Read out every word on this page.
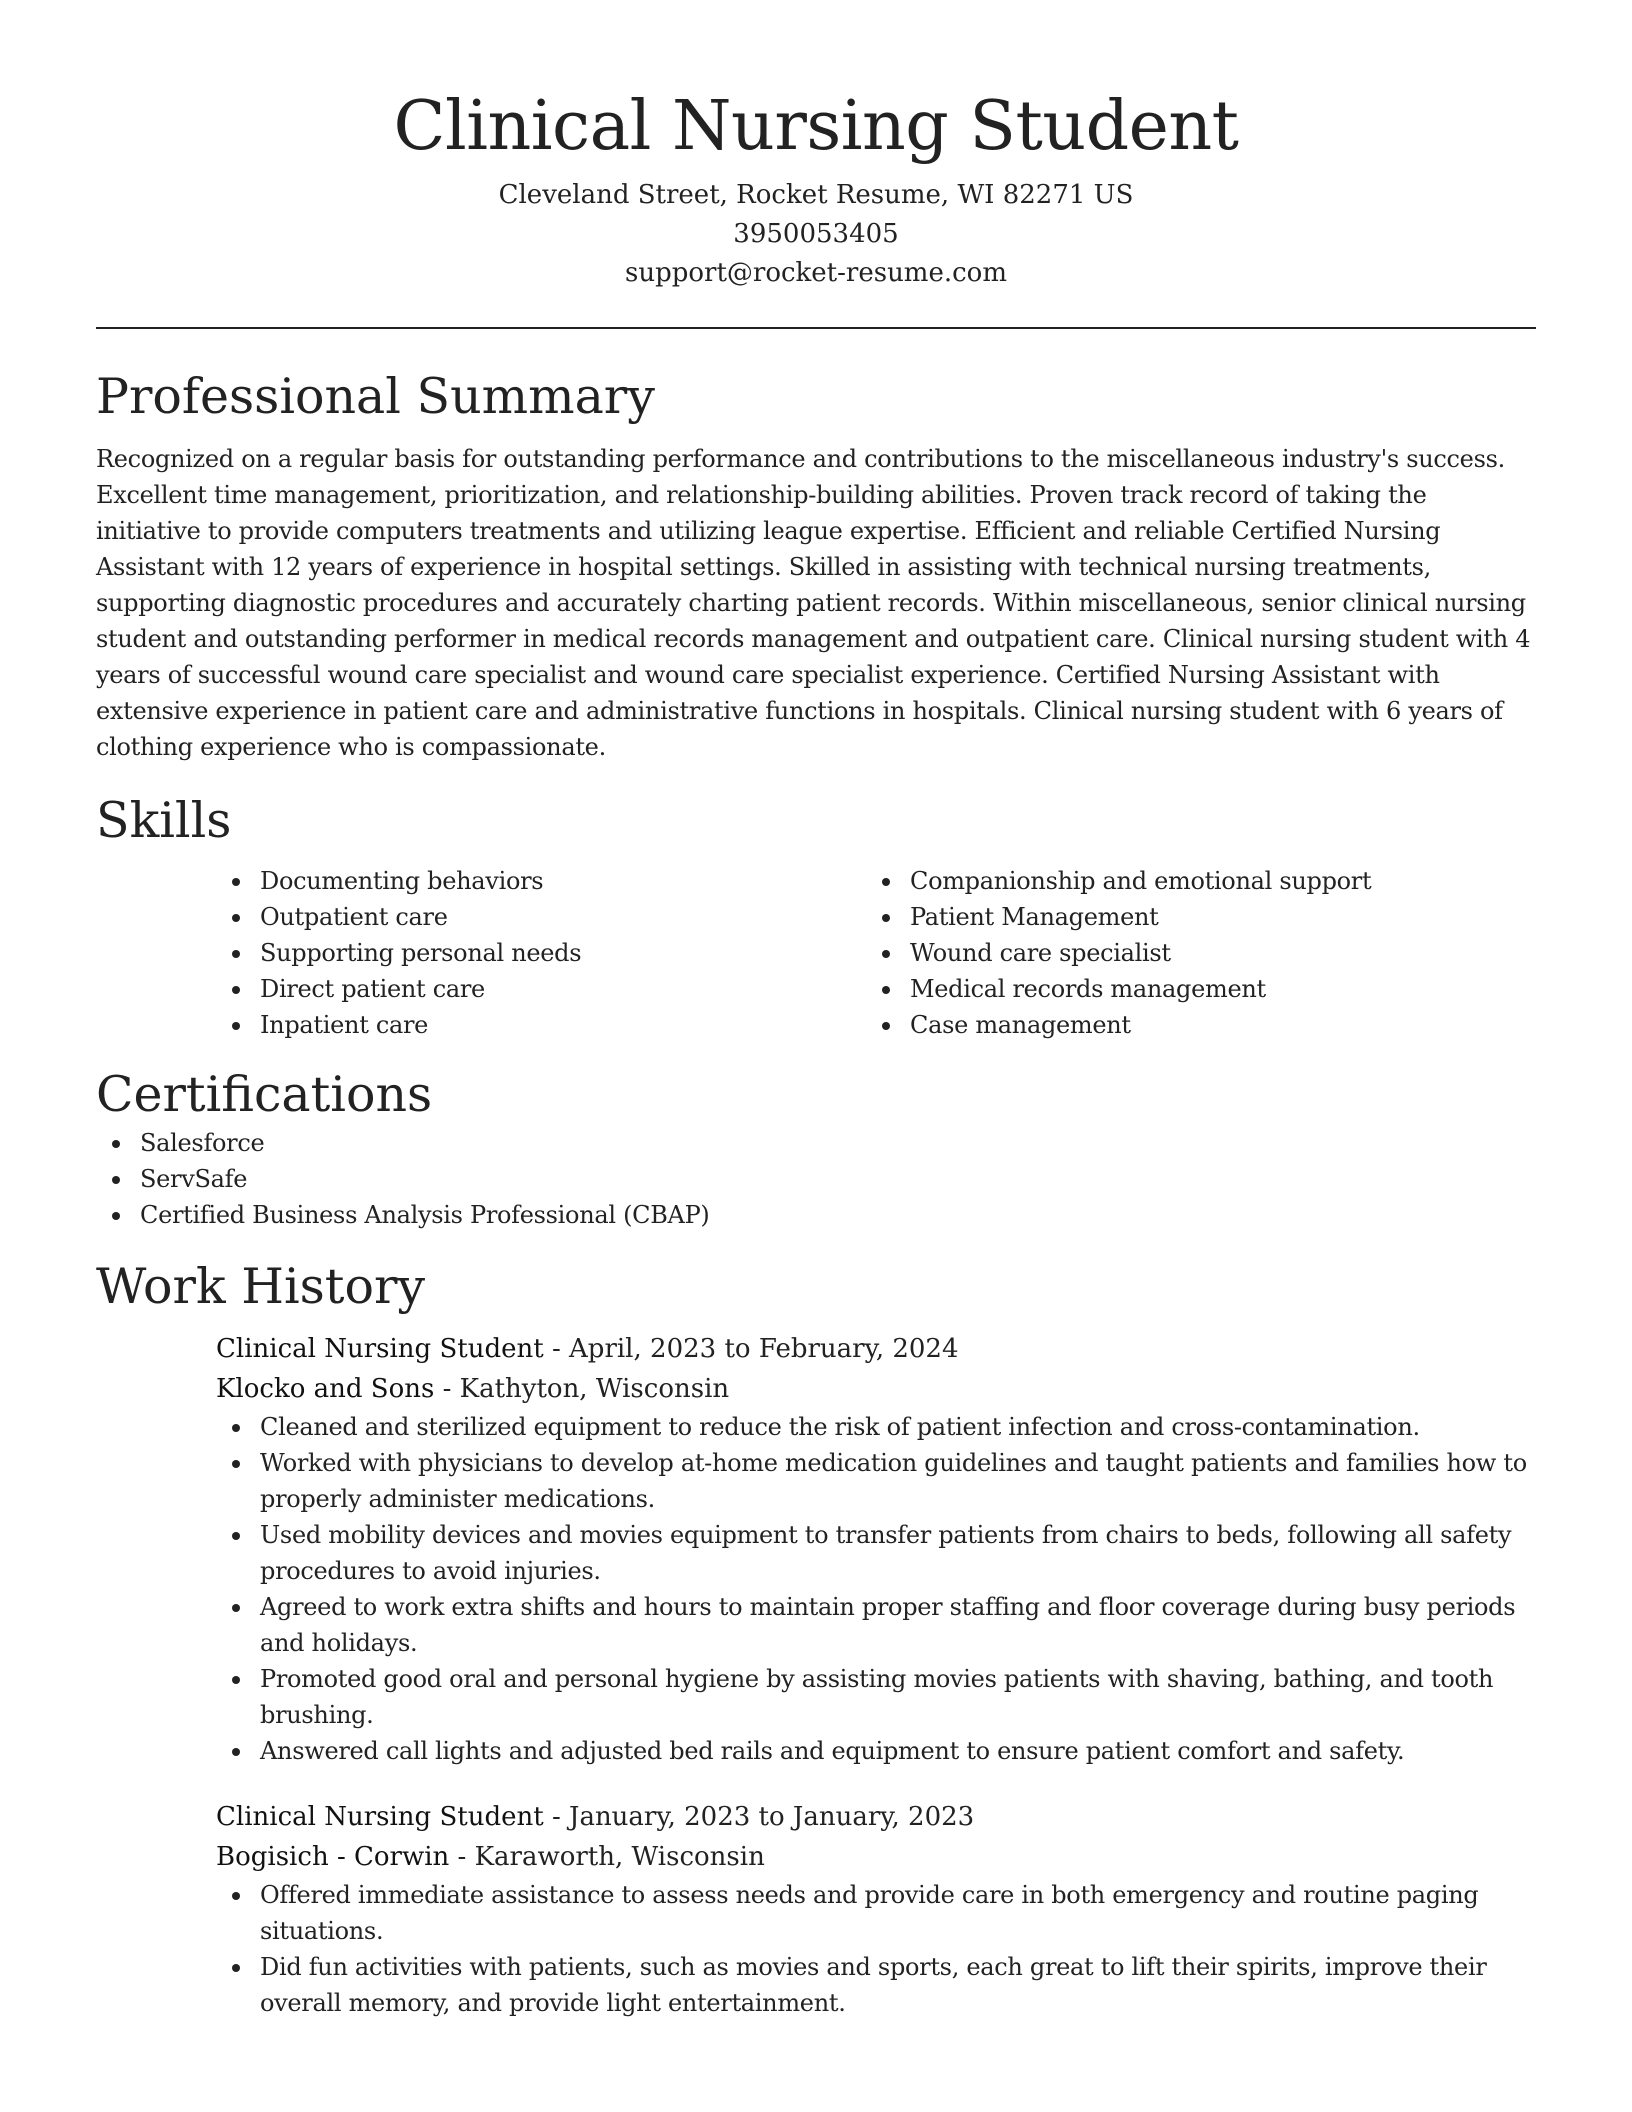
Clinical Nursing Student

Cleveland Street, Rocket Resume, WI 82271 US

3950053405

support@rocket-resume.com

Professional Summary

Recognized on a regular basis for outstanding performance and contributions to the miscellaneous industry's success. Excellent time management, prioritization, and relationship-building abilities. Proven track record of taking the initiative to provide computers treatments and utilizing league expertise. Efficient and reliable Certified Nursing Assistant with 12 years of experience in hospital settings. Skilled in assisting with technical nursing treatments, supporting diagnostic procedures and accurately charting patient records. Within miscellaneous, senior clinical nursing student and outstanding performer in medical records management and outpatient care. Clinical nursing student with 4 years of successful wound care specialist and wound care specialist experience. Certified Nursing Assistant with extensive experience in patient care and administrative functions in hospitals. Clinical nursing student with 6 years of clothing experience who is compassionate.

Skills
Documenting behaviors
Outpatient care
Supporting personal needs
Direct patient care
Inpatient care
Companionship and emotional support
Patient Management
Wound care specialist
Medical records management
Case management
Certifications
Salesforce
ServSafe
Certified Business Analysis Professional (CBAP)
Work History

Clinical Nursing Student - April, 2023 to February, 2024

Klocko and Sons - Kathyton, Wisconsin

Cleaned and sterilized equipment to reduce the risk of patient infection and cross-contamination.
Worked with physicians to develop at-home medication guidelines and taught patients and families how to properly administer medications.
Used mobility devices and movies equipment to transfer patients from chairs to beds, following all safety procedures to avoid injuries.
Agreed to work extra shifts and hours to maintain proper staffing and floor coverage during busy periods and holidays.
Promoted good oral and personal hygiene by assisting movies patients with shaving, bathing, and tooth brushing.
Answered call lights and adjusted bed rails and equipment to ensure patient comfort and safety.

Clinical Nursing Student - January, 2023 to January, 2023

Bogisich - Corwin - Karaworth, Wisconsin

Offered immediate assistance to assess needs and provide care in both emergency and routine paging situations.
Did fun activities with patients, such as movies and sports, each great to lift their spirits, improve their overall memory, and provide light entertainment.
